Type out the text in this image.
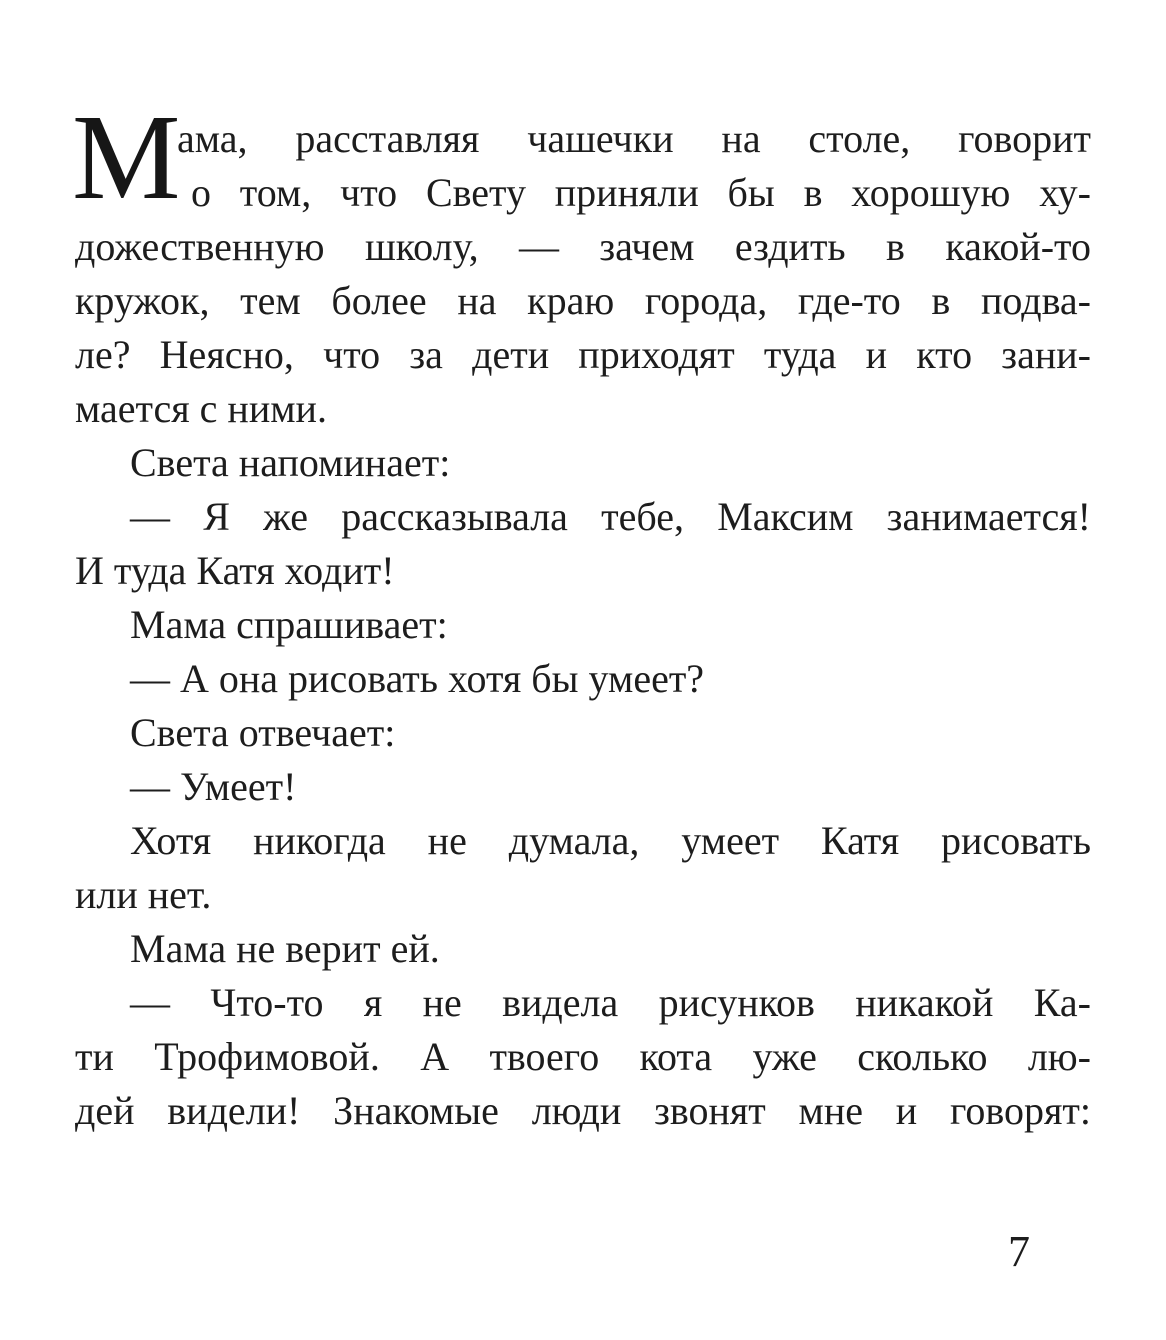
М
ама, расставляя чашечки на столе, говорит
о том, что Свету приняли бы в хорошую ху-
дожественную школу, — зачем ездить в какой-то
кружок, тем более на краю города, где-то в подва-
ле? Неясно, что за дети приходят туда и кто зани-
мается с ними.
Света напоминает:
— Я же рассказывала тебе, Максим занимается!
И туда Катя ходит!
Мама спрашивает:
— А она рисовать хотя бы умеет?
Света отвечает:
— Умеет!
Хотя никогда не думала, умеет Катя рисовать
или нет.
Мама не верит ей.
— Что-то я не видела рисунков никакой Ка-
ти Трофимовой. А твоего кота уже сколько лю-
дей видели! Знакомые люди звонят мне и говорят:
7
